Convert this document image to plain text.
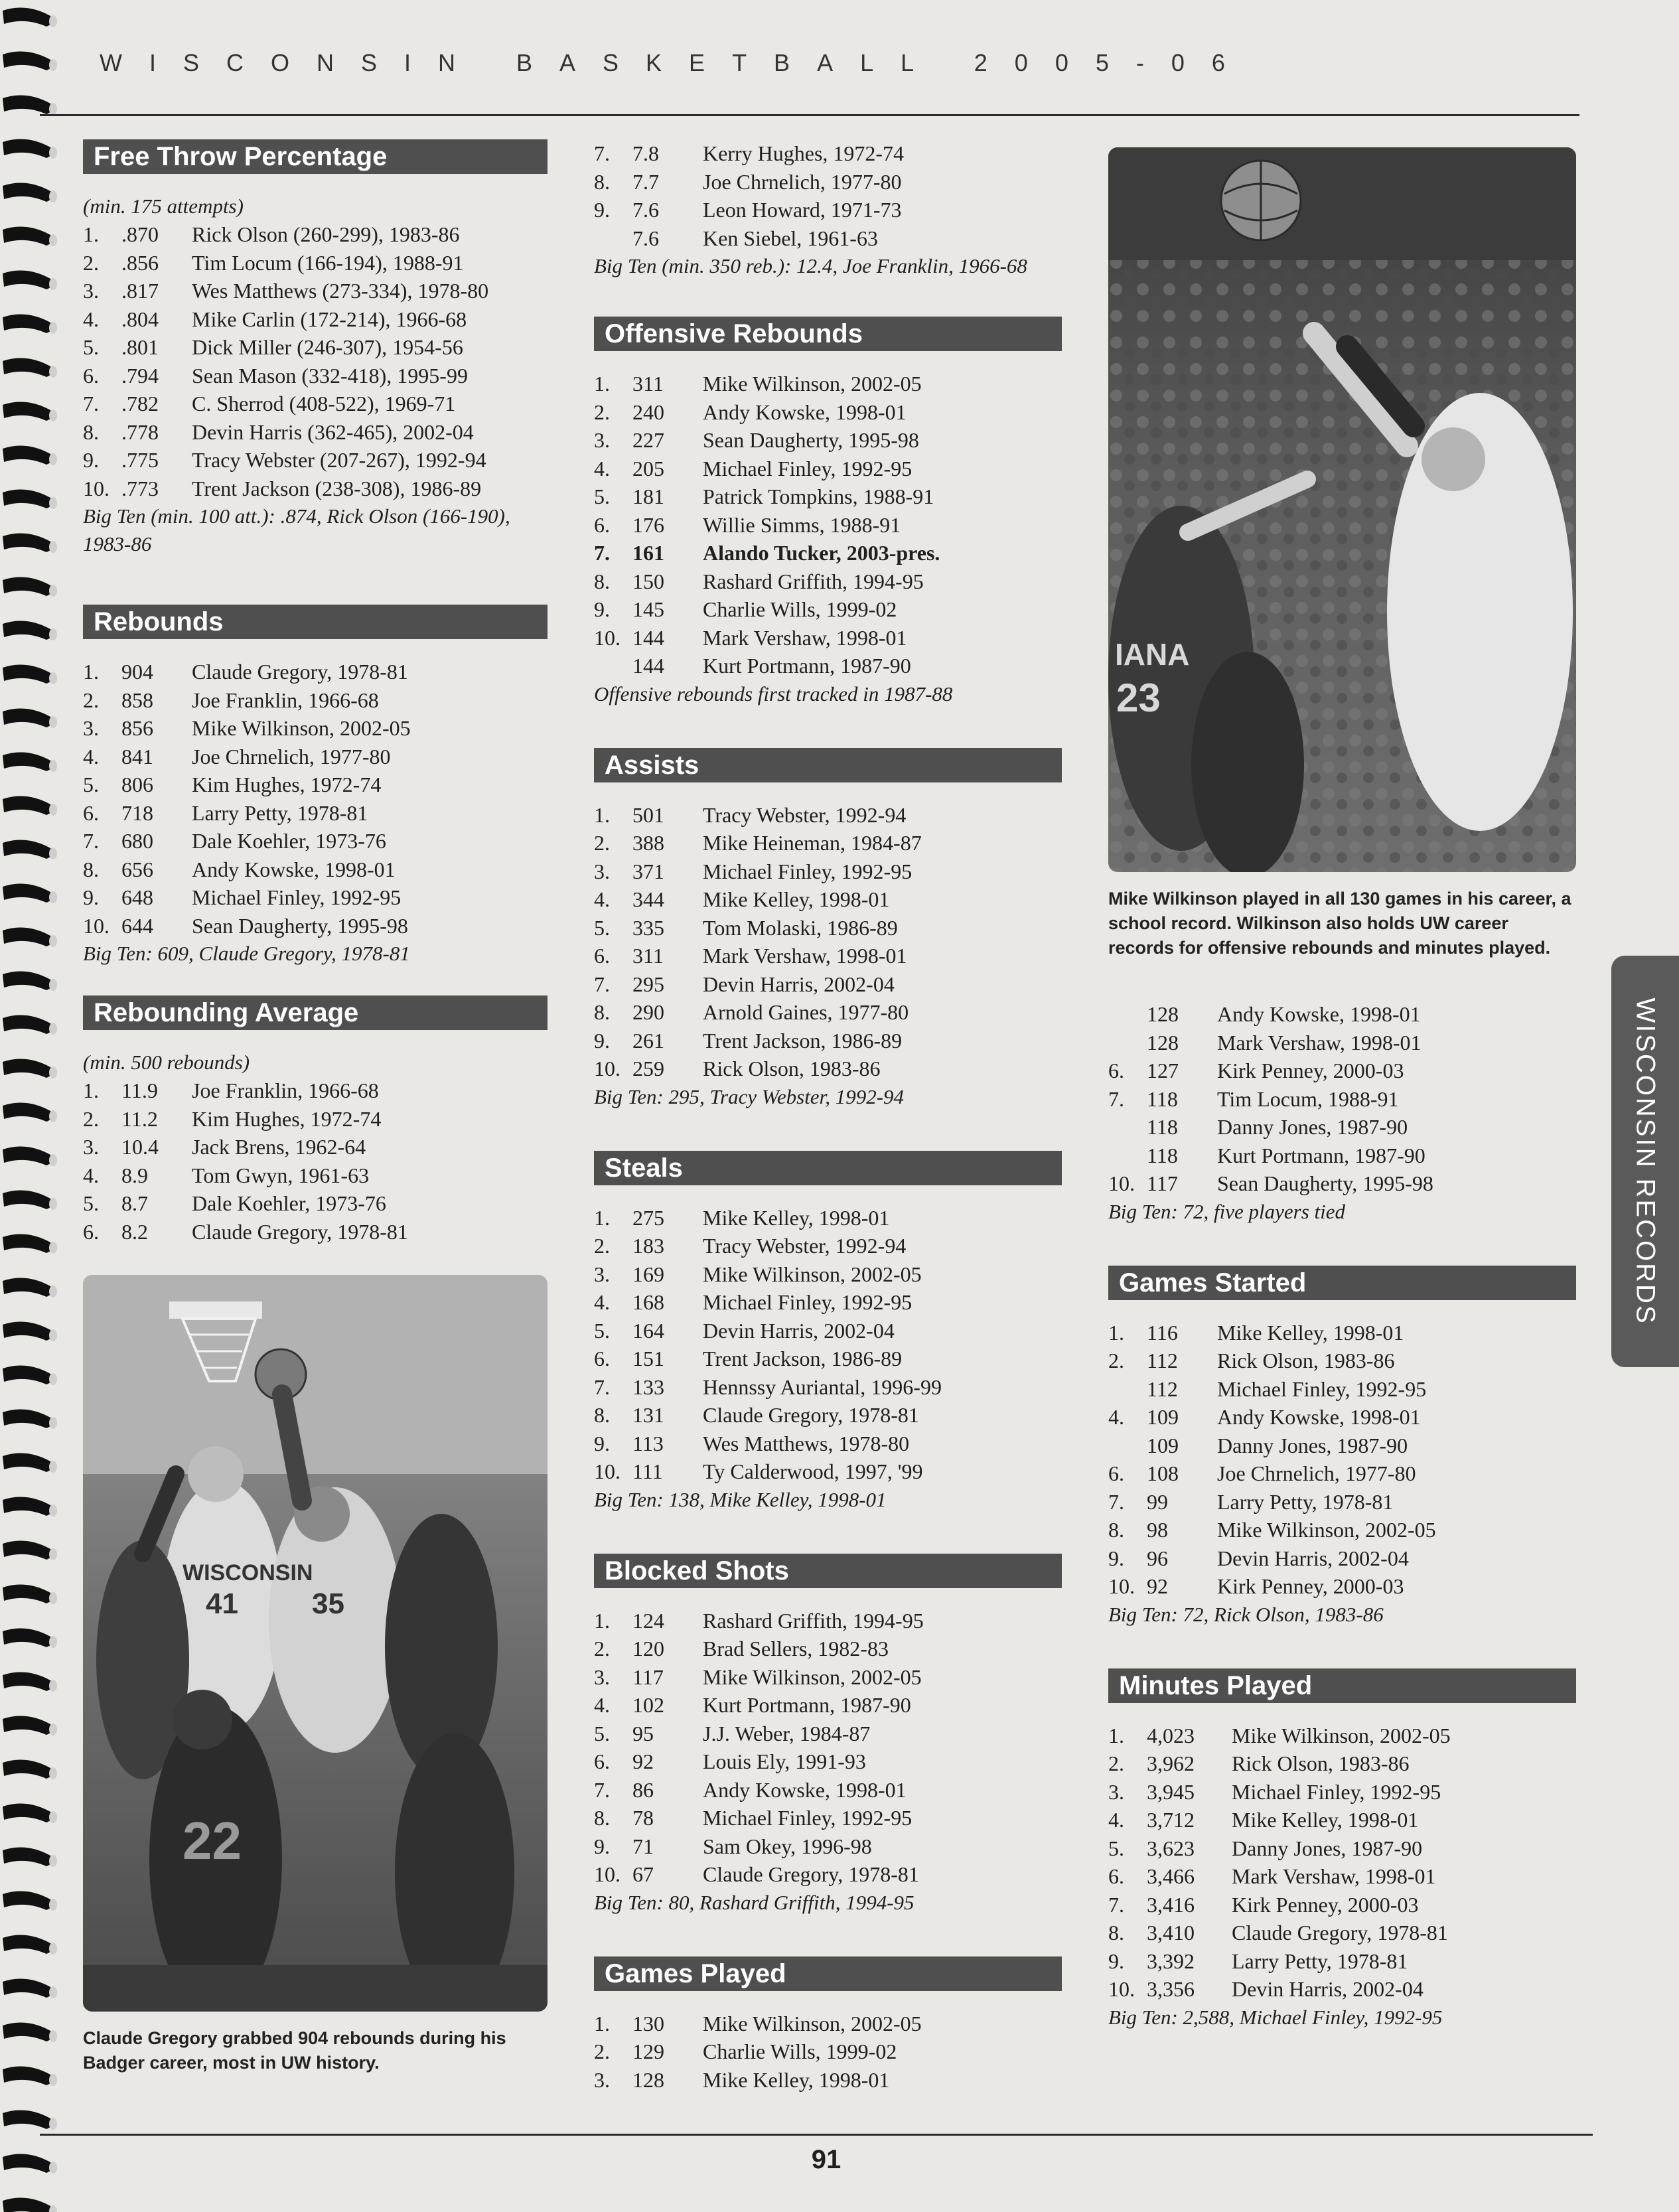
WISCONSIN BASKETBALL 2005-06
Free Throw Percentage
(min. 175 attempts)
1.	.870	Rick Olson (260-299), 1983-86
2.	.856	Tim Locum (166-194), 1988-91
3.	.817	Wes Matthews (273-334), 1978-80
4.	.804	Mike Carlin (172-214), 1966-68
5.	.801	Dick Miller (246-307), 1954-56
6.	.794	Sean Mason (332-418), 1995-99
7.	.782	C. Sherrod (408-522), 1969-71
8.	.778	Devin Harris (362-465), 2002-04
9.	.775	Tracy Webster (207-267), 1992-94
10. .773	Trent Jackson (238-308), 1986-89
Big Ten (min. 100 att.): .874, Rick Olson (166-190), 1983-86
Rebounds
1.	904	Claude Gregory, 1978-81
2.	858	Joe Franklin, 1966-68
3.	856	Mike Wilkinson, 2002-05
4.	841	Joe Chrnelich, 1977-80
5.	806	Kim Hughes, 1972-74
6.	718	Larry Petty, 1978-81
7.	680	Dale Koehler, 1973-76
8.	656	Andy Kowske, 1998-01
9.	648	Michael Finley, 1992-95
10. 644	Sean Daugherty, 1995-98
Big Ten: 609, Claude Gregory, 1978-81
Rebounding Average
(min. 500 rebounds)
1.	11.9	Joe Franklin, 1966-68
2.	11.2	Kim Hughes, 1972-74
3.	10.4	Jack Brens, 1962-64
4.	8.9	Tom Gwyn, 1961-63
5.	8.7	Dale Koehler, 1973-76
6.	8.2	Claude Gregory, 1978-81
WISCONSIN
41	35
22
Claude Gregory grabbed 904 rebounds during his Badger career, most in UW history.
7.	7.8	Kerry Hughes, 1972-74
8.	7.7	Joe Chrnelich, 1977-80
9.	7.6	Leon Howard, 1971-73
7.6	Ken Siebel, 1961-63
Big Ten (min. 350 reb.): 12.4, Joe Franklin, 1966-68
Offensive Rebounds
1.	311	Mike Wilkinson, 2002-05
2.	240	Andy Kowske, 1998-01
3.	227	Sean Daugherty, 1995-98
4.	205	Michael Finley, 1992-95
5.	181	Patrick Tompkins, 1988-91
6.	176	Willie Simms, 1988-91
7.	161	Alando Tucker, 2003-pres.
8.	150	Rashard Griffith, 1994-95
9.	145	Charlie Wills, 1999-02
10. 144	Mark Vershaw, 1998-01
144	Kurt Portmann, 1987-90
Offensive rebounds first tracked in 1987-88
Assists
1.	501	Tracy Webster, 1992-94
2.	388	Mike Heineman, 1984-87
3.	371	Michael Finley, 1992-95
4.	344	Mike Kelley, 1998-01
5.	335	Tom Molaski, 1986-89
6.	311	Mark Vershaw, 1998-01
7.	295	Devin Harris, 2002-04
8.	290	Arnold Gaines, 1977-80
9.	261	Trent Jackson, 1986-89
10. 259	Rick Olson, 1983-86
Big Ten: 295, Tracy Webster, 1992-94
Steals
1.	275	Mike Kelley, 1998-01
2.	183	Tracy Webster, 1992-94
3.	169	Mike Wilkinson, 2002-05
4.	168	Michael Finley, 1992-95
5.	164	Devin Harris, 2002-04
6.	151	Trent Jackson, 1986-89
7.	133	Hennssy Auriantal, 1996-99
8.	131	Claude Gregory, 1978-81
9.	113	Wes Matthews, 1978-80
10. 111	Ty Calderwood, 1997, '99
Big Ten: 138, Mike Kelley, 1998-01
Blocked Shots
1.	124	Rashard Griffith, 1994-95
2.	120	Brad Sellers, 1982-83
3.	117	Mike Wilkinson, 2002-05
4.	102	Kurt Portmann, 1987-90
5.	95	J.J. Weber, 1984-87
6.	92	Louis Ely, 1991-93
7.	86	Andy Kowske, 1998-01
8.	78	Michael Finley, 1992-95
9.	71	Sam Okey, 1996-98
10. 67	Claude Gregory, 1978-81
Big Ten: 80, Rashard Griffith, 1994-95
Games Played
1.	130	Mike Wilkinson, 2002-05
2.	129	Charlie Wills, 1999-02
3.	128	Mike Kelley, 1998-01
IANA
23
Mike Wilkinson played in all 130 games in his career, a school record. Wilkinson also holds UW career records for offensive rebounds and minutes played.
128	Andy Kowske, 1998-01
128	Mark Vershaw, 1998-01
6.	127	Kirk Penney, 2000-03
7.	118	Tim Locum, 1988-91
118	Danny Jones, 1987-90
118	Kurt Portmann, 1987-90
10. 117	Sean Daugherty, 1995-98
Big Ten: 72, five players tied
Games Started
1.	116	Mike Kelley, 1998-01
2.	112	Rick Olson, 1983-86
112	Michael Finley, 1992-95
4.	109	Andy Kowske, 1998-01
109	Danny Jones, 1987-90
6.	108	Joe Chrnelich, 1977-80
7.	99	Larry Petty, 1978-81
8.	98	Mike Wilkinson, 2002-05
9.	96	Devin Harris, 2002-04
10. 92	Kirk Penney, 2000-03
Big Ten: 72, Rick Olson, 1983-86
Minutes Played
1.	4,023	Mike Wilkinson, 2002-05
2.	3,962	Rick Olson, 1983-86
3.	3,945	Michael Finley, 1992-95
4.	3,712	Mike Kelley, 1998-01
5.	3,623	Danny Jones, 1987-90
6.	3,466	Mark Vershaw, 1998-01
7.	3,416	Kirk Penney, 2000-03
8.	3,410	Claude Gregory, 1978-81
9.	3,392	Larry Petty, 1978-81
10. 3,356	Devin Harris, 2002-04
Big Ten: 2,588, Michael Finley, 1992-95
WISCONSIN RECORDS
91
